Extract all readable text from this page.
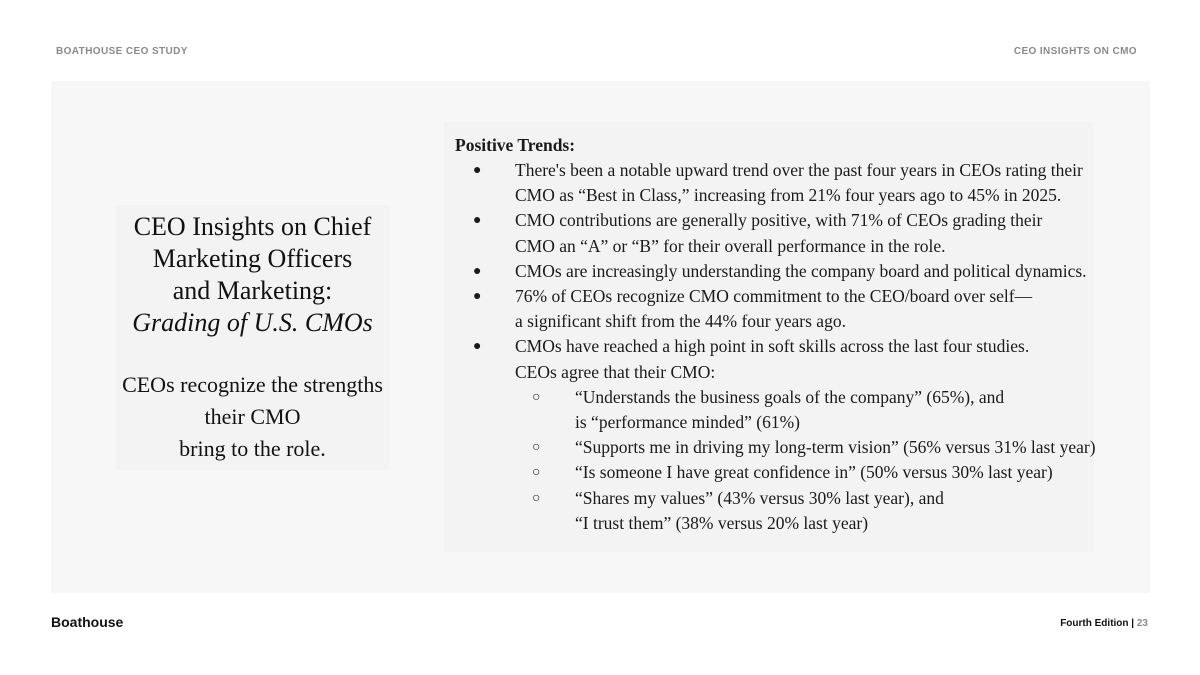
BOATHOUSE CEO STUDY	CEO INSIGHTS ON CMO
CEO Insights on Chief
Marketing Officers
and Marketing:
Grading of U.S. CMOs
CEOs recognize the strengths
their CMO
bring to the role.
Positive Trends:
● There's been a notable upward trend over the past four years in CEOs rating their
CMO as “Best in Class,” increasing from 21% four years ago to 45% in 2025.
● CMO contributions are generally positive, with 71% of CEOs grading their
CMO an “A” or “B” for their overall performance in the role.
● CMOs are increasingly understanding the company board and political dynamics.
● 76% of CEOs recognize CMO commitment to the CEO/board over self—
a significant shift from the 44% four years ago.
● CMOs have reached a high point in soft skills across the last four studies.
CEOs agree that their CMO:
○ “Understands the business goals of the company” (65%), and
is “performance minded” (61%)
○ “Supports me in driving my long-term vision” (56% versus 31% last year)
○ “Is someone I have great confidence in” (50% versus 30% last year)
○ “Shares my values” (43% versus 30% last year), and
“I trust them” (38% versus 20% last year)
Boathouse	Fourth Edition | 23
